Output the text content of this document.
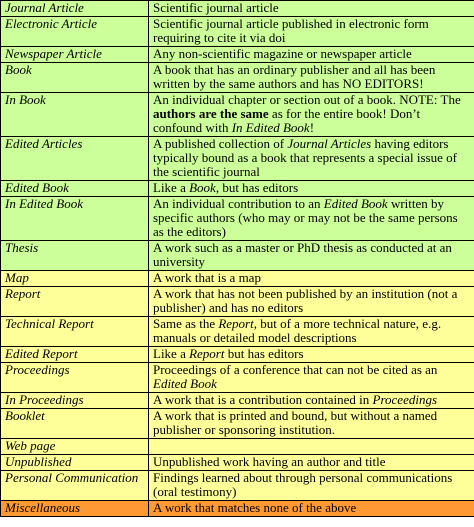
Journal Article	Scientific journal article
Electronic Article	Scientific journal article published in electronic form requiring to cite it via doi
Newspaper Article	Any non-scientific magazine or newspaper article
Book	A book that has an ordinary publisher and all has been written by the same authors and has NO EDITORS!
In Book	An individual chapter or section out of a book. NOTE: The authors are the same as for the entire book! Don’t confound with In Edited Book!
Edited Articles	A published collection of Journal Articles having editors typically bound as a book that represents a special issue of the scientific journal
Edited Book	Like a Book, but has editors
In Edited Book	An individual contribution to an Edited Book written by specific authors (who may or may not be the same persons as the editors)
Thesis	A work such as a master or PhD thesis as conducted at an university
Map	A work that is a map
Report	A work that has not been published by an institution (not a publisher) and has no editors
Technical Report	Same as the Report, but of a more technical nature, e.g. manuals or detailed model descriptions
Edited Report	Like a Report but has editors
Proceedings	Proceedings of a conference that can not be cited as an Edited Book
In Proceedings	A work that is a contribution contained in Proceedings
Booklet	A work that is printed and bound, but without a named publisher or sponsoring institution.
Web page	
Unpublished	Unpublished work having an author and title
Personal Communication	Findings learned about through personal communications (oral testimony)
Miscellaneous	A work that matches none of the above
